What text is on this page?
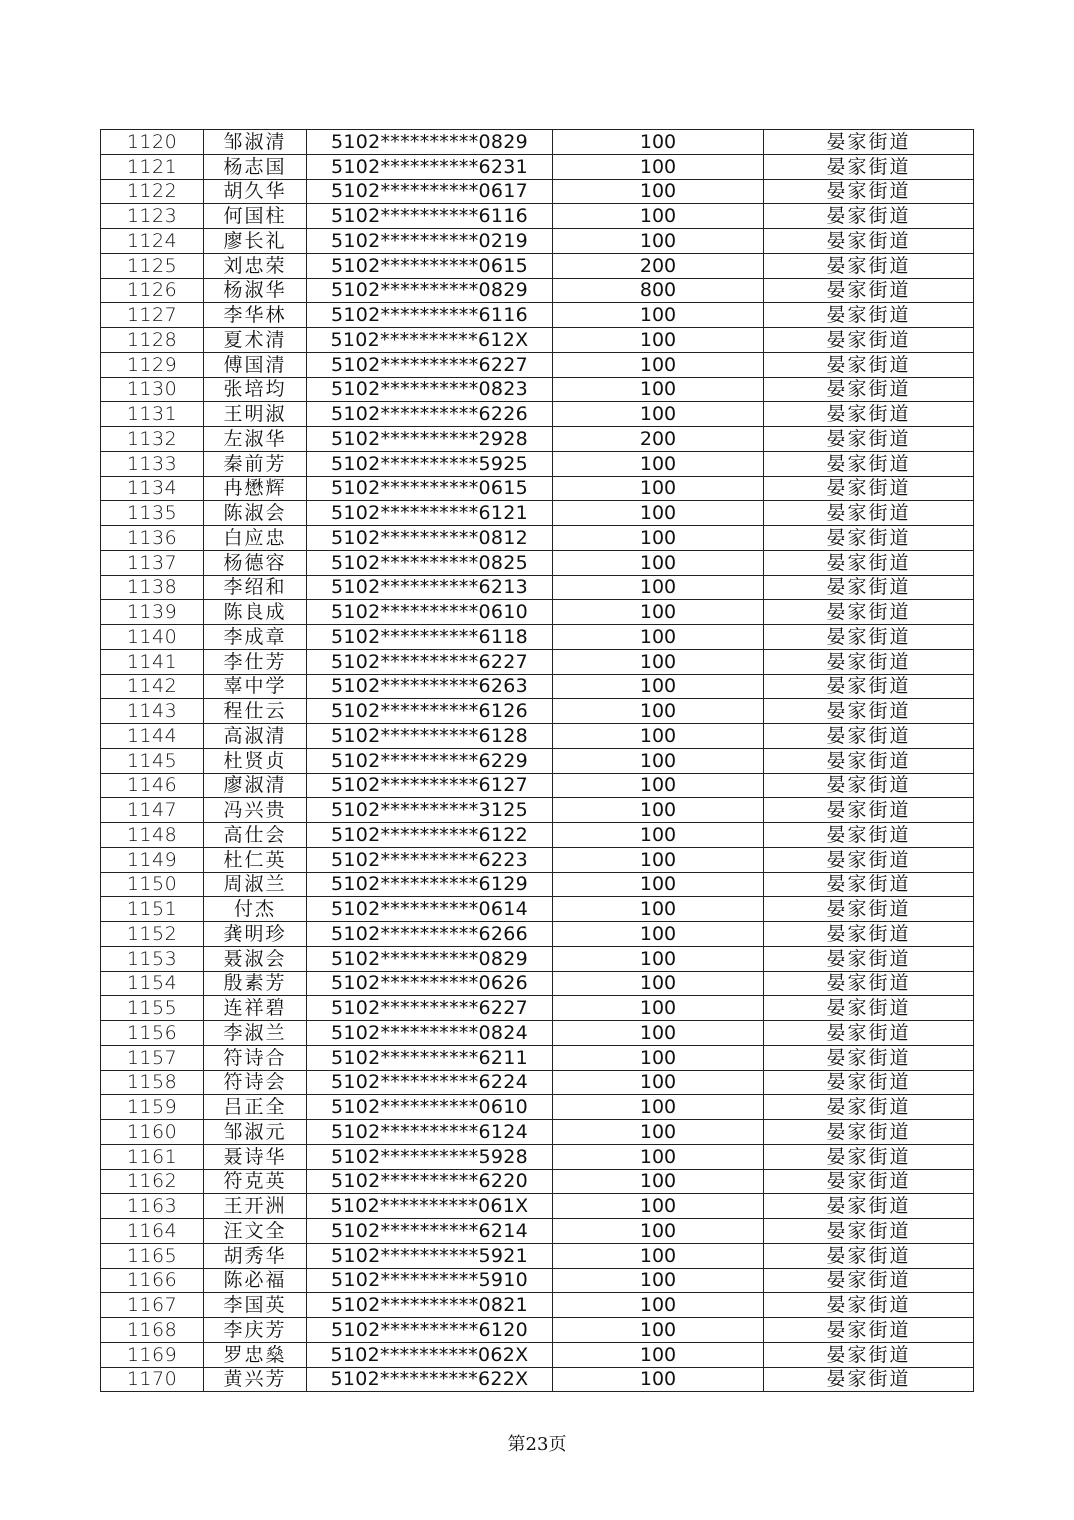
1120	邹淑清	5102**********0829	100	晏家街道
1121	杨志国	5102**********6231	100	晏家街道
1122	胡久华	5102**********0617	100	晏家街道
1123	何国柱	5102**********6116	100	晏家街道
1124	廖长礼	5102**********0219	100	晏家街道
1125	刘忠荣	5102**********0615	200	晏家街道
1126	杨淑华	5102**********0829	800	晏家街道
1127	李华林	5102**********6116	100	晏家街道
1128	夏术清	5102**********612X	100	晏家街道
1129	傅国清	5102**********6227	100	晏家街道
1130	张培均	5102**********0823	100	晏家街道
1131	王明淑	5102**********6226	100	晏家街道
1132	左淑华	5102**********2928	200	晏家街道
1133	秦前芳	5102**********5925	100	晏家街道
1134	冉懋辉	5102**********0615	100	晏家街道
1135	陈淑会	5102**********6121	100	晏家街道
1136	白应忠	5102**********0812	100	晏家街道
1137	杨德容	5102**********0825	100	晏家街道
1138	李绍和	5102**********6213	100	晏家街道
1139	陈良成	5102**********0610	100	晏家街道
1140	李成章	5102**********6118	100	晏家街道
1141	李仕芳	5102**********6227	100	晏家街道
1142	辜中学	5102**********6263	100	晏家街道
1143	程仕云	5102**********6126	100	晏家街道
1144	高淑清	5102**********6128	100	晏家街道
1145	杜贤贞	5102**********6229	100	晏家街道
1146	廖淑清	5102**********6127	100	晏家街道
1147	冯兴贵	5102**********3125	100	晏家街道
1148	高仕会	5102**********6122	100	晏家街道
1149	杜仁英	5102**********6223	100	晏家街道
1150	周淑兰	5102**********6129	100	晏家街道
1151	付杰	5102**********0614	100	晏家街道
1152	龚明珍	5102**********6266	100	晏家街道
1153	聂淑会	5102**********0829	100	晏家街道
1154	殷素芳	5102**********0626	100	晏家街道
1155	连祥碧	5102**********6227	100	晏家街道
1156	李淑兰	5102**********0824	100	晏家街道
1157	符诗合	5102**********6211	100	晏家街道
1158	符诗会	5102**********6224	100	晏家街道
1159	吕正全	5102**********0610	100	晏家街道
1160	邹淑元	5102**********6124	100	晏家街道
1161	聂诗华	5102**********5928	100	晏家街道
1162	符克英	5102**********6220	100	晏家街道
1163	王开洲	5102**********061X	100	晏家街道
1164	汪文全	5102**********6214	100	晏家街道
1165	胡秀华	5102**********5921	100	晏家街道
1166	陈必福	5102**********5910	100	晏家街道
1167	李国英	5102**********0821	100	晏家街道
1168	李庆芳	5102**********6120	100	晏家街道
1169	罗忠燊	5102**********062X	100	晏家街道
1170	黄兴芳	5102**********622X	100	晏家街道
第23页
